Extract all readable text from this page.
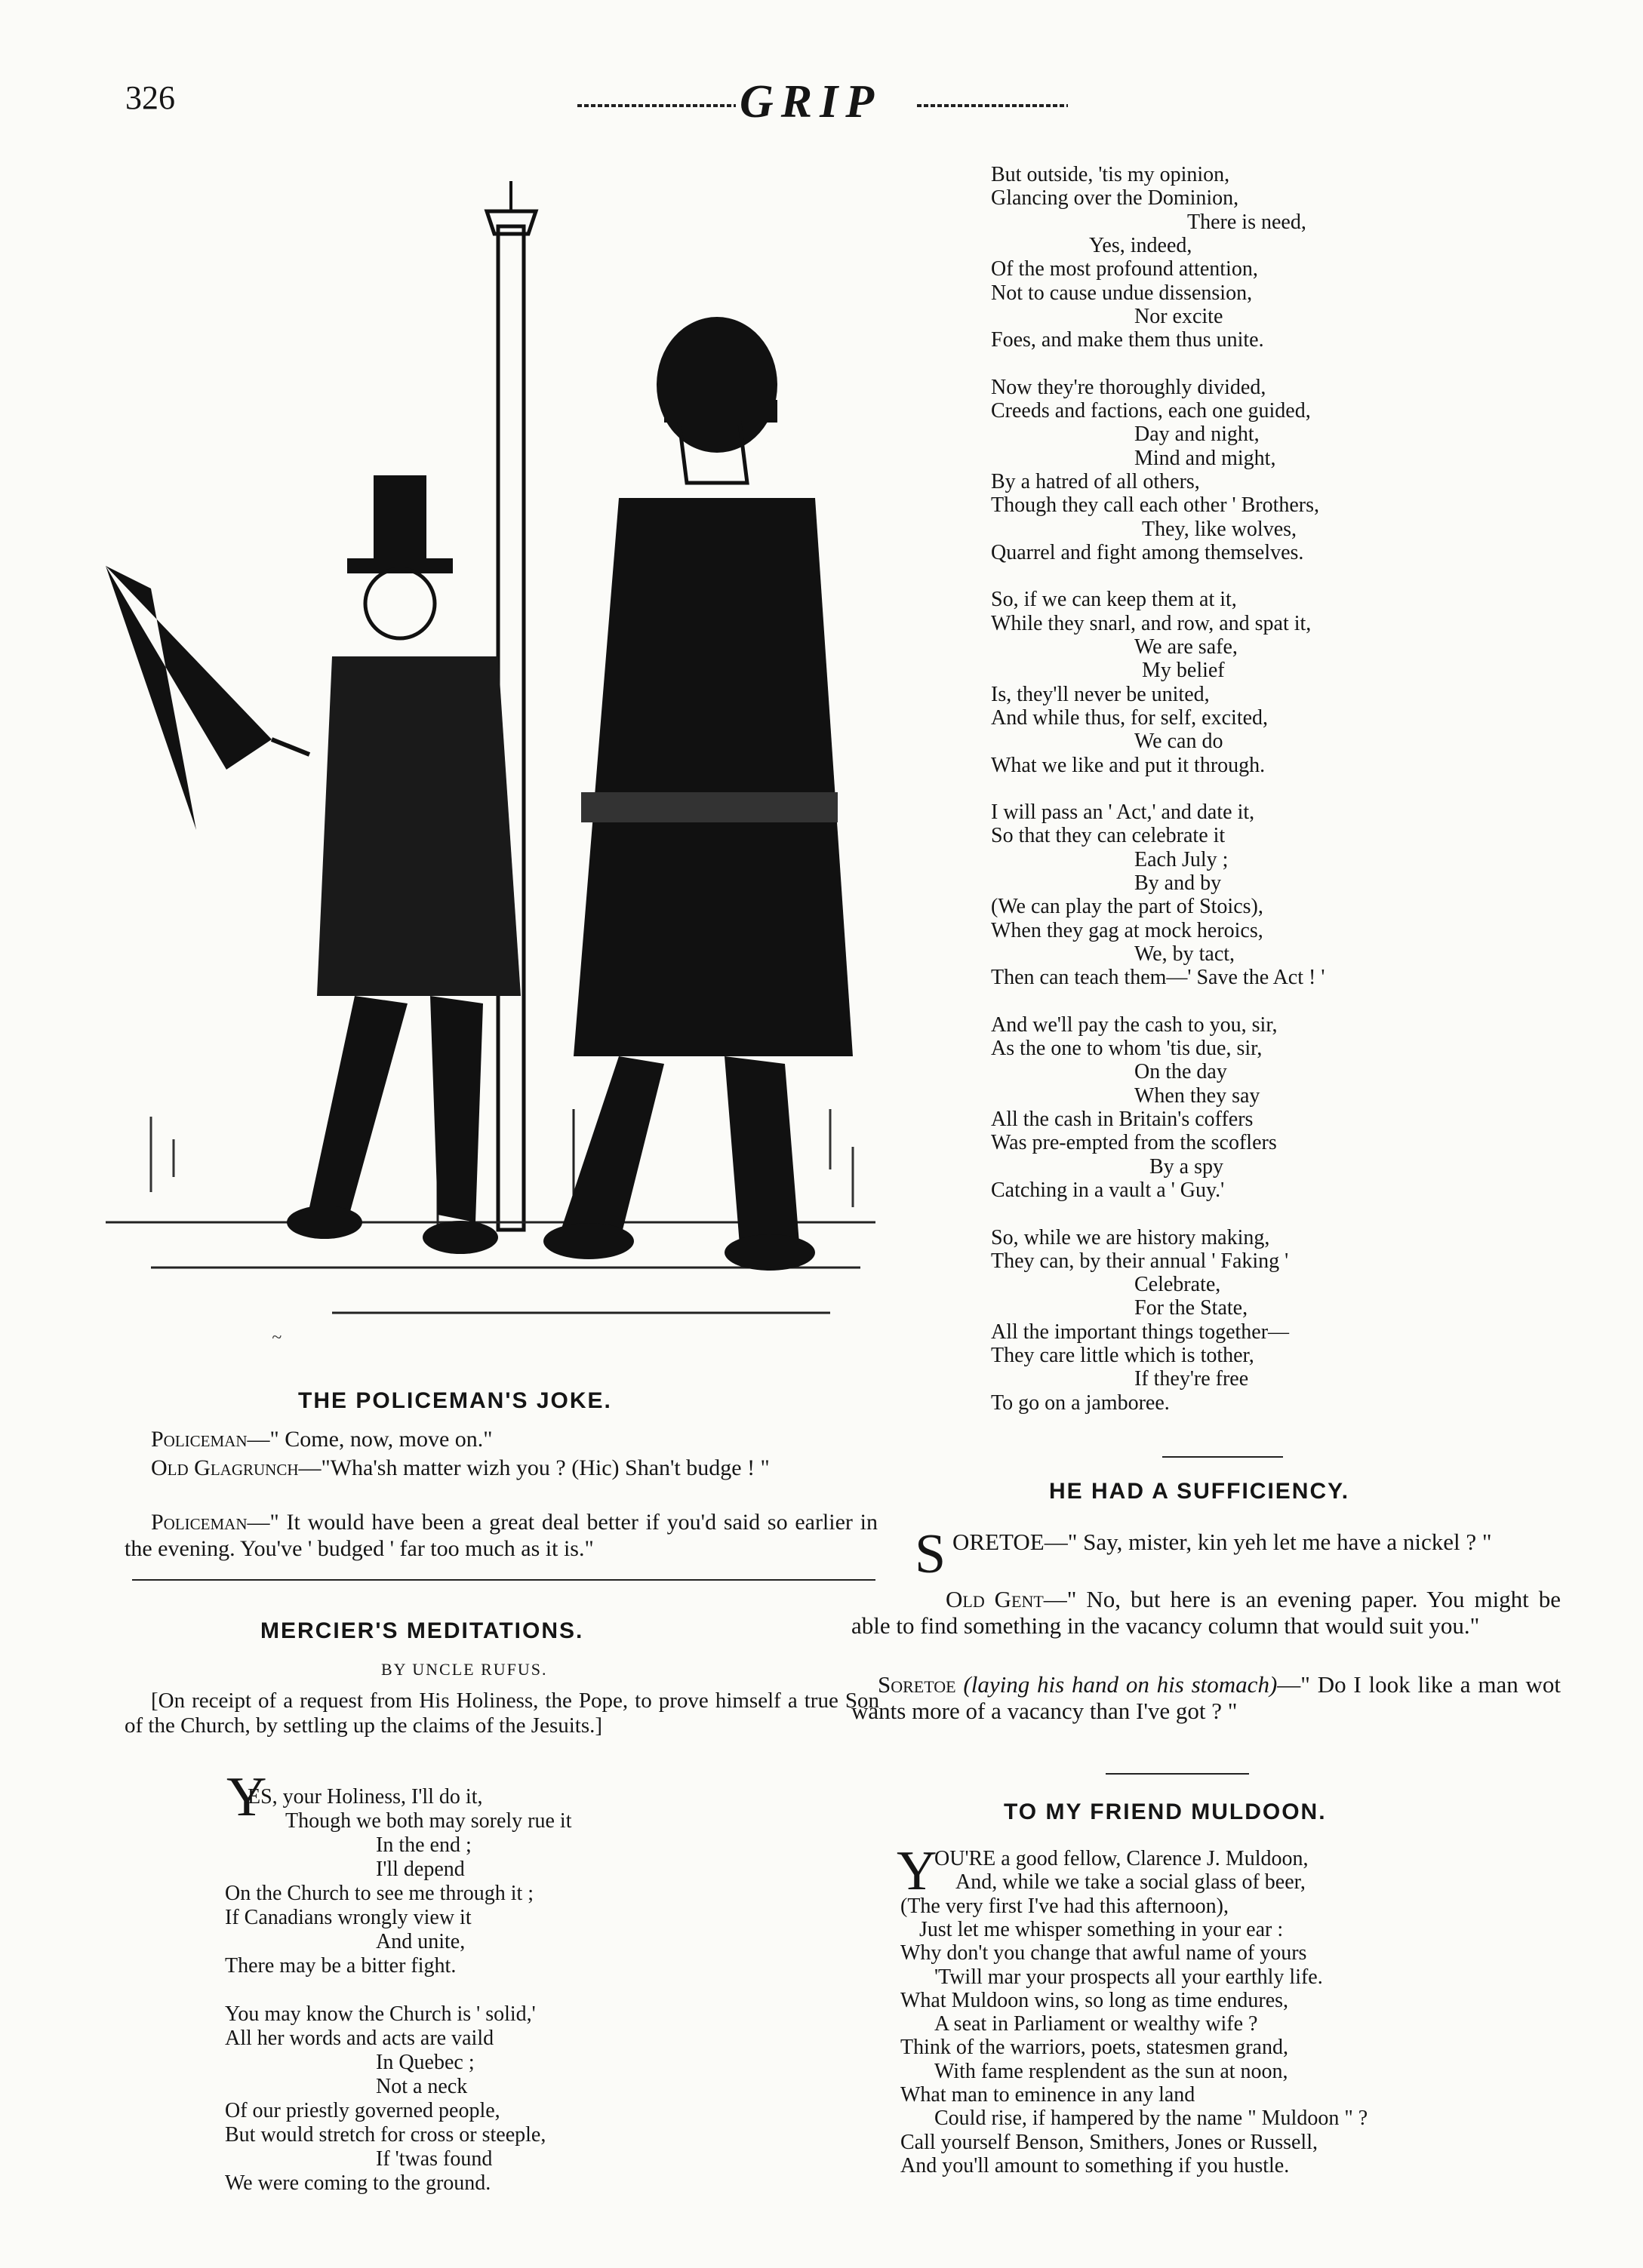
326	GRIP
~
THE POLICEMAN'S JOKE.
Policeman—" Come, now, move on."
Old Glagrunch—"Wha'sh matter wizh you ? (Hic) Shan't budge ! "
Policeman—" It would have been a great deal better if you'd said so earlier in the evening. You've ' budged ' far too much as it is."
MERCIER'S MEDITATIONS.
BY UNCLE RUFUS.
[On receipt of a request from His Holiness, the Pope, to prove himself a true Son of the Church, by settling up the claims of the Jesuits.]
Y
ES, your Holiness, I'll do it,
Though we both may sorely rue it
In the end ;
I'll depend
On the Church to see me through it ;
If Canadians wrongly view it
And unite,
There may be a bitter fight.
You may know the Church is ' solid,'
All her words and acts are vaild
In Quebec ;
Not a neck
Of our priestly governed people,
But would stretch for cross or steeple,
If 'twas found
We were coming to the ground.
But outside, 'tis my opinion,
Glancing over the Dominion,
There is need,
Yes, indeed,
Of the most profound attention,
Not to cause undue dissension,
Nor excite
Foes, and make them thus unite.
Now they're thoroughly divided,
Creeds and factions, each one guided,
Day and night,
Mind and might,
By a hatred of all others,
Though they call each other ' Brothers,
They, like wolves,
Quarrel and fight among themselves.
So, if we can keep them at it,
While they snarl, and row, and spat it,
We are safe,
My belief
Is, they'll never be united,
And while thus, for self, excited,
We can do
What we like and put it through.
I will pass an ' Act,' and date it,
So that they can celebrate it
Each July ;
By and by
(We can play the part of Stoics),
When they gag at mock heroics,
We, by tact,
Then can teach them—' Save the Act ! '
And we'll pay the cash to you, sir,
As the one to whom 'tis due, sir,
On the day
When they say
All the cash in Britain's coffers
Was pre-empted from the scoflers
By a spy
Catching in a vault a ' Guy.'
So, while we are history making,
They can, by their annual ' Faking '
Celebrate,
For the State,
All the important things together—
They care little which is tother,
If they're free
To go on a jamboree.
HE HAD A SUFFICIENCY.
S ORETOE—" Say, mister, kin yeh let me have a nickel ? "
Old Gent—" No, but here is an evening paper. You might be able to find something in the vacancy column that would suit you."
Soretoe (laying his hand on his stomach)—" Do I look like a man wot wants more of a vacancy than I've got ? "
TO MY FRIEND MULDOON.
Y
OU'RE a good fellow, Clarence J. Muldoon,
And, while we take a social glass of beer,
(The very first I've had this afternoon),
Just let me whisper something in your ear :
Why don't you change that awful name of yours
'Twill mar your prospects all your earthly life.
What Muldoon wins, so long as time endures,
A seat in Parliament or wealthy wife ?
Think of the warriors, poets, statesmen grand,
With fame resplendent as the sun at noon,
What man to eminence in any land
Could rise, if hampered by the name " Muldoon " ?
Call yourself Benson, Smithers, Jones or Russell,
And you'll amount to something if you hustle.
